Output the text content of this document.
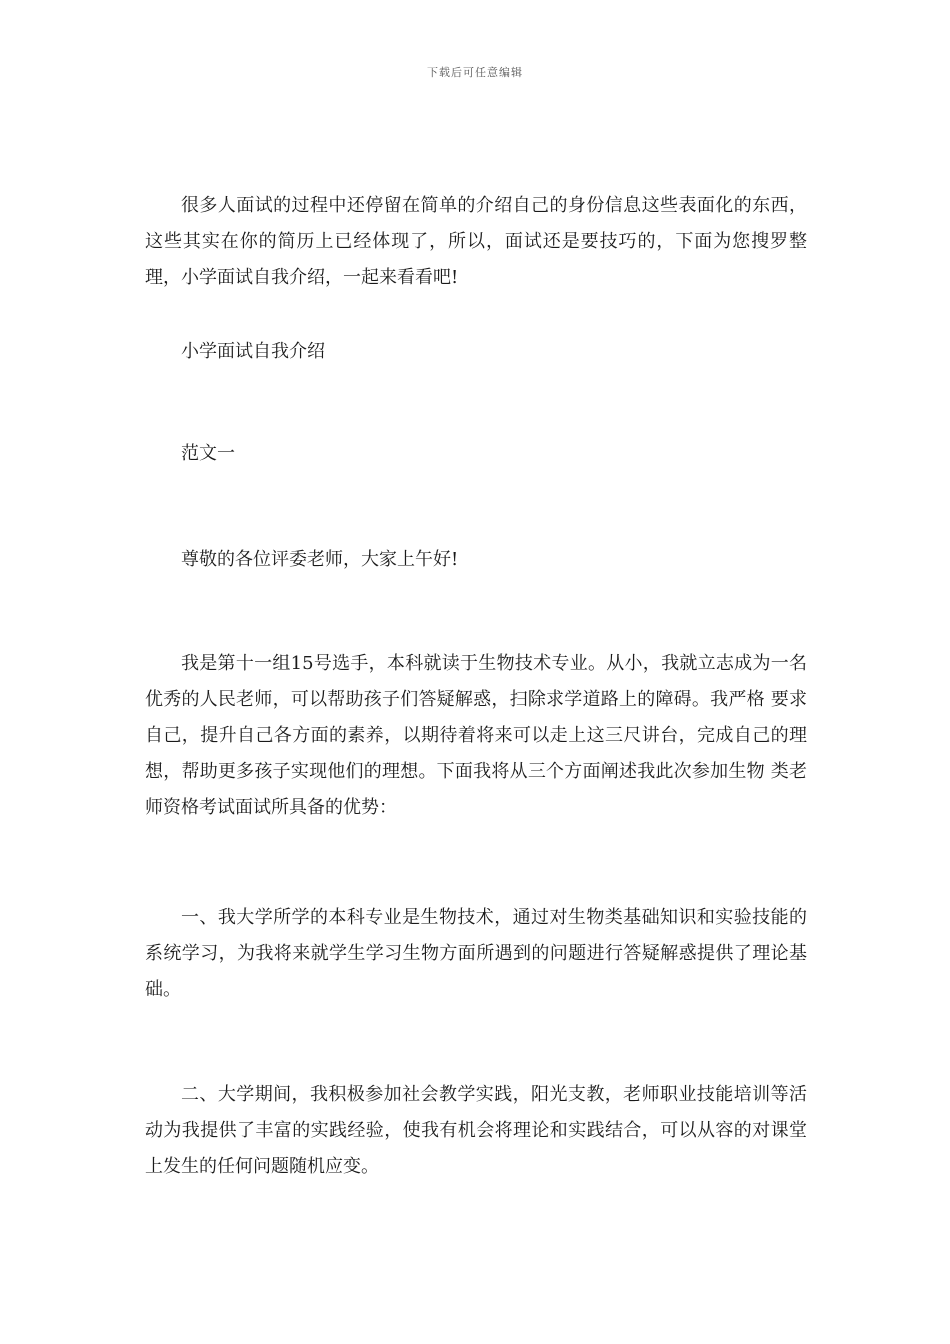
下载后可任意编辑

很多人面试的过程中还停留在简单的介绍自己的身份信息这些表面化的东西，这些其实在你的简历上已经体现了，所以，面试还是要技巧的，下面为您搜罗整理，小学面试自我介绍，一起来看看吧!

小学面试自我介绍

范文一

尊敬的各位评委老师，大家上午好!

我是第十一组15号选手，本科就读于生物技术专业。从小，我就立志成为一名优秀的人民老师，可以帮助孩子们答疑解惑，扫除求学道路上的障碍。我严格 要求自己，提升自己各方面的素养，以期待着将来可以走上这三尺讲台，完成自己的理想，帮助更多孩子实现他们的理想。下面我将从三个方面阐述我此次参加生物 类老师资格考试面试所具备的优势：

一、我大学所学的本科专业是生物技术，通过对生物类基础知识和实验技能的系统学习，为我将来就学生学习生物方面所遇到的问题进行答疑解惑提供了理论基础。

二、大学期间，我积极参加社会教学实践，阳光支教，老师职业技能培训等活动为我提供了丰富的实践经验，使我有机会将理论和实践结合，可以从容的对课堂上发生的任何问题随机应变。
